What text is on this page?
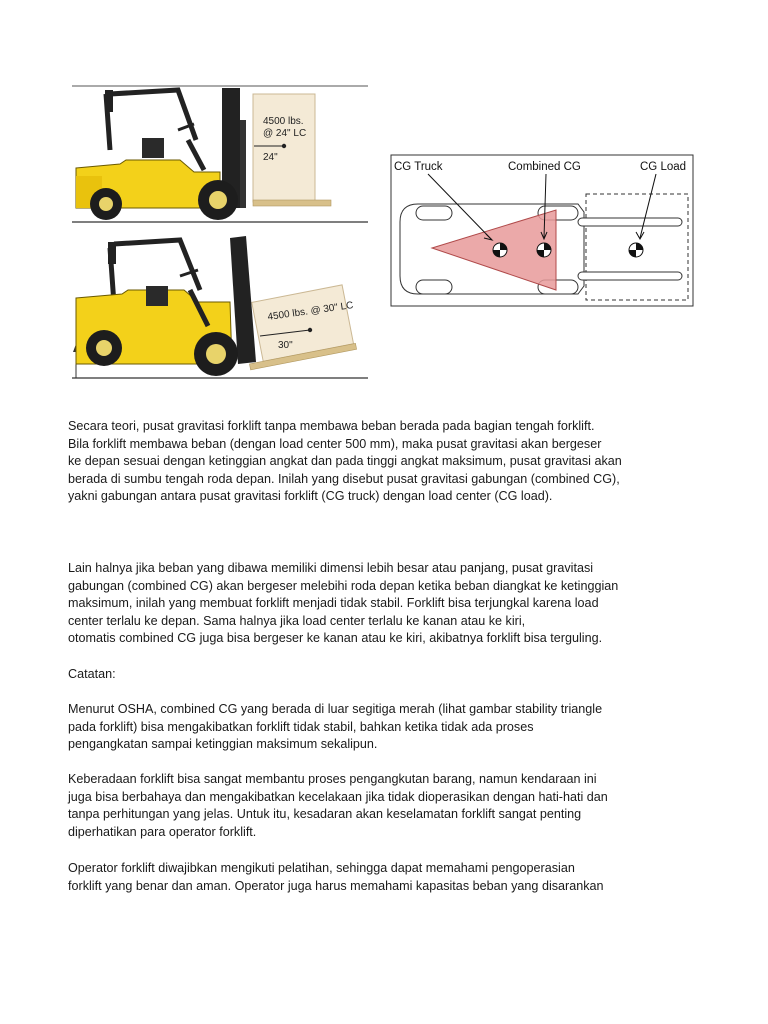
4500 lbs.
@ 24" LC
24"
4500 lbs. @ 30" LC
30"
CG Truck	Combined CG	CG Load
Secara teori, pusat gravitasi forklift tanpa membawa beban berada pada bagian tengah forklift.
Bila forklift membawa beban (dengan load center 500 mm), maka pusat gravitasi akan bergeser
ke depan sesuai dengan ketinggian angkat dan pada tinggi angkat maksimum, pusat gravitasi akan
berada di sumbu tengah roda depan. Inilah yang disebut pusat gravitasi gabungan (combined CG),
yakni gabungan antara pusat gravitasi forklift (CG truck) dengan load center (CG load).
Lain halnya jika beban yang dibawa memiliki dimensi lebih besar atau panjang, pusat gravitasi
gabungan (combined CG) akan bergeser melebihi roda depan ketika beban diangkat ke ketinggian
maksimum, inilah yang membuat forklift menjadi tidak stabil. Forklift bisa terjungkal karena load
center terlalu ke depan. Sama halnya jika load center terlalu ke kanan atau ke kiri,
otomatis combined CG juga bisa bergeser ke kanan atau ke kiri, akibatnya forklift bisa terguling.
Catatan:
Menurut OSHA, combined CG yang berada di luar segitiga merah (lihat gambar stability triangle
pada forklift) bisa mengakibatkan forklift tidak stabil, bahkan ketika tidak ada proses
pengangkatan sampai ketinggian maksimum sekalipun.
Keberadaan forklift bisa sangat membantu proses pengangkutan barang, namun kendaraan ini
juga bisa berbahaya dan mengakibatkan kecelakaan jika tidak dioperasikan dengan hati-hati dan
tanpa perhitungan yang jelas. Untuk itu, kesadaran akan keselamatan forklift sangat penting
diperhatikan para operator forklift.
Operator forklift diwajibkan mengikuti pelatihan, sehingga dapat memahami pengoperasian
forklift yang benar dan aman. Operator juga harus memahami kapasitas beban yang disarankan
